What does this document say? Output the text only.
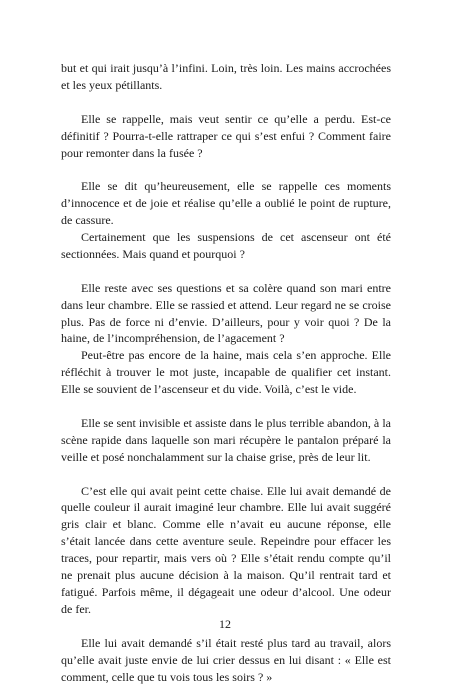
but et qui irait jusqu’à l’infini. Loin, très loin. Les mains accrochées et les yeux pétillants.

Elle se rappelle, mais veut sentir ce qu’elle a perdu. Est-ce définitif ? Pourra-t-elle rattraper ce qui s’est enfui ? Comment faire pour remonter dans la fusée ?

Elle se dit qu’heureusement, elle se rappelle ces moments d’innocence et de joie et réalise qu’elle a oublié le point de rupture, de cassure.

Certainement que les suspensions de cet ascenseur ont été sectionnées. Mais quand et pourquoi ?

Elle reste avec ses questions et sa colère quand son mari entre dans leur chambre. Elle se rassied et attend. Leur regard ne se croise plus. Pas de force ni d’envie. D’ailleurs, pour y voir quoi ? De la haine, de l’incompréhension, de l’agacement ?

Peut-être pas encore de la haine, mais cela s’en approche. Elle réfléchit à trouver le mot juste, incapable de qualifier cet instant. Elle se souvient de l’ascenseur et du vide. Voilà, c’est le vide.

Elle se sent invisible et assiste dans le plus terrible abandon, à la scène rapide dans laquelle son mari récupère le pantalon préparé la veille et posé nonchalamment sur la chaise grise, près de leur lit.

C’est elle qui avait peint cette chaise. Elle lui avait demandé de quelle couleur il aurait imaginé leur chambre. Elle lui avait suggéré gris clair et blanc. Comme elle n’avait eu aucune réponse, elle s’était lancée dans cette aventure seule. Repeindre pour effacer les traces, pour repartir, mais vers où ? Elle s’était rendu compte qu’il ne prenait plus aucune décision à la maison. Qu’il rentrait tard et fatigué. Parfois même, il dégageait une odeur d’alcool. Une odeur de fer.

Elle lui avait demandé s’il était resté plus tard au travail, alors qu’elle avait juste envie de lui crier dessus en lui disant : « Elle est comment, celle que tu vois tous les soirs ? »

12
